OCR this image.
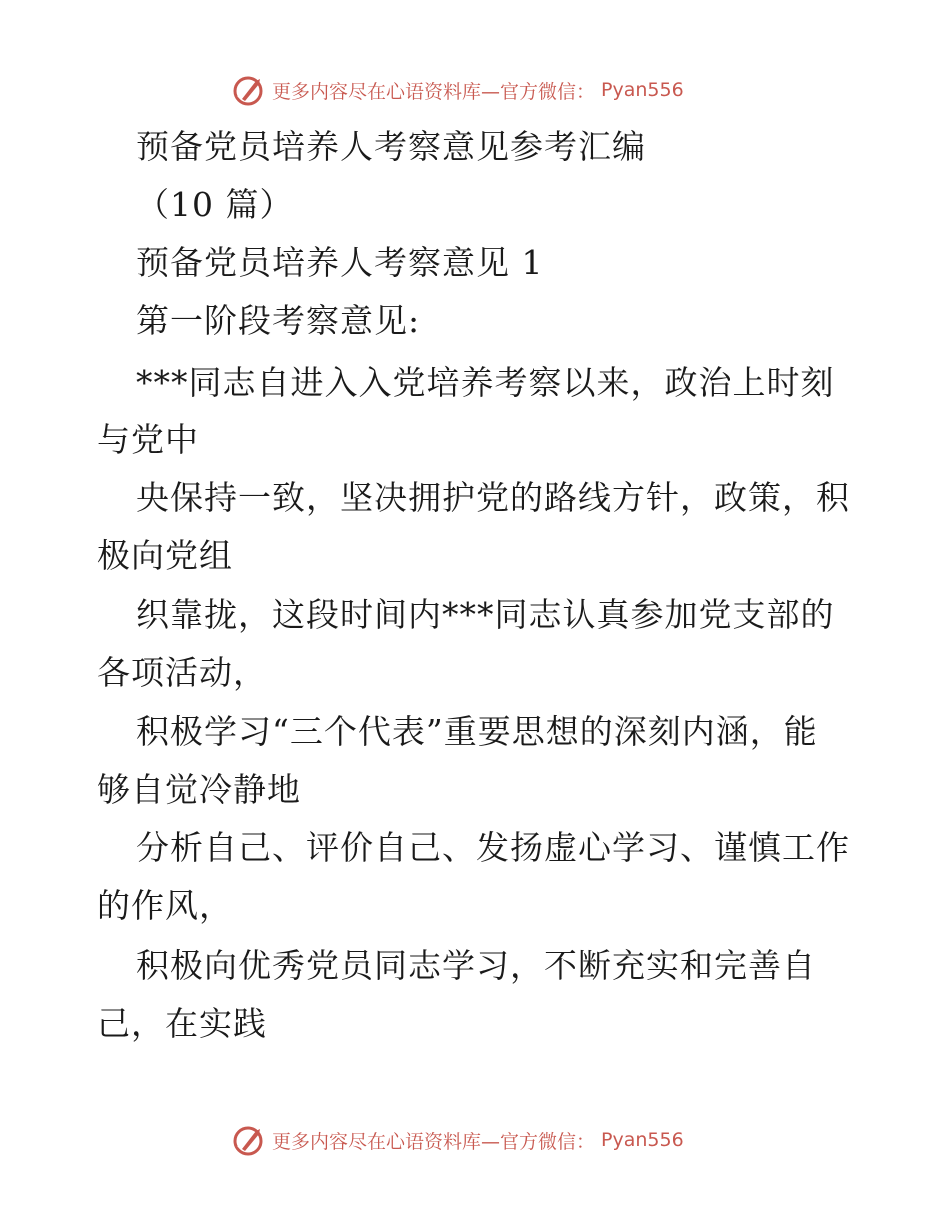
更多内容尽在心语资料库—官方微信： Pyan556
预备党员培养人考察意见参考汇编
（10 篇）
预备党员培养人考察意见 1
第一阶段考察意见:
***同志自进入入党培养考察以来，政治上时刻
与党中
央保持一致，坚决拥护党的路线方针，政策，积
极向党组
织靠拢，这段时间内***同志认真参加党支部的
各项活动，
积极学习“三个代表”重要思想的深刻内涵，能
够自觉冷静地
分析自己、评价自己、发扬虚心学习、谨慎工作
的作风，
积极向优秀党员同志学习，不断充实和完善自
己，在实践
更多内容尽在心语资料库—官方微信： Pyan556
